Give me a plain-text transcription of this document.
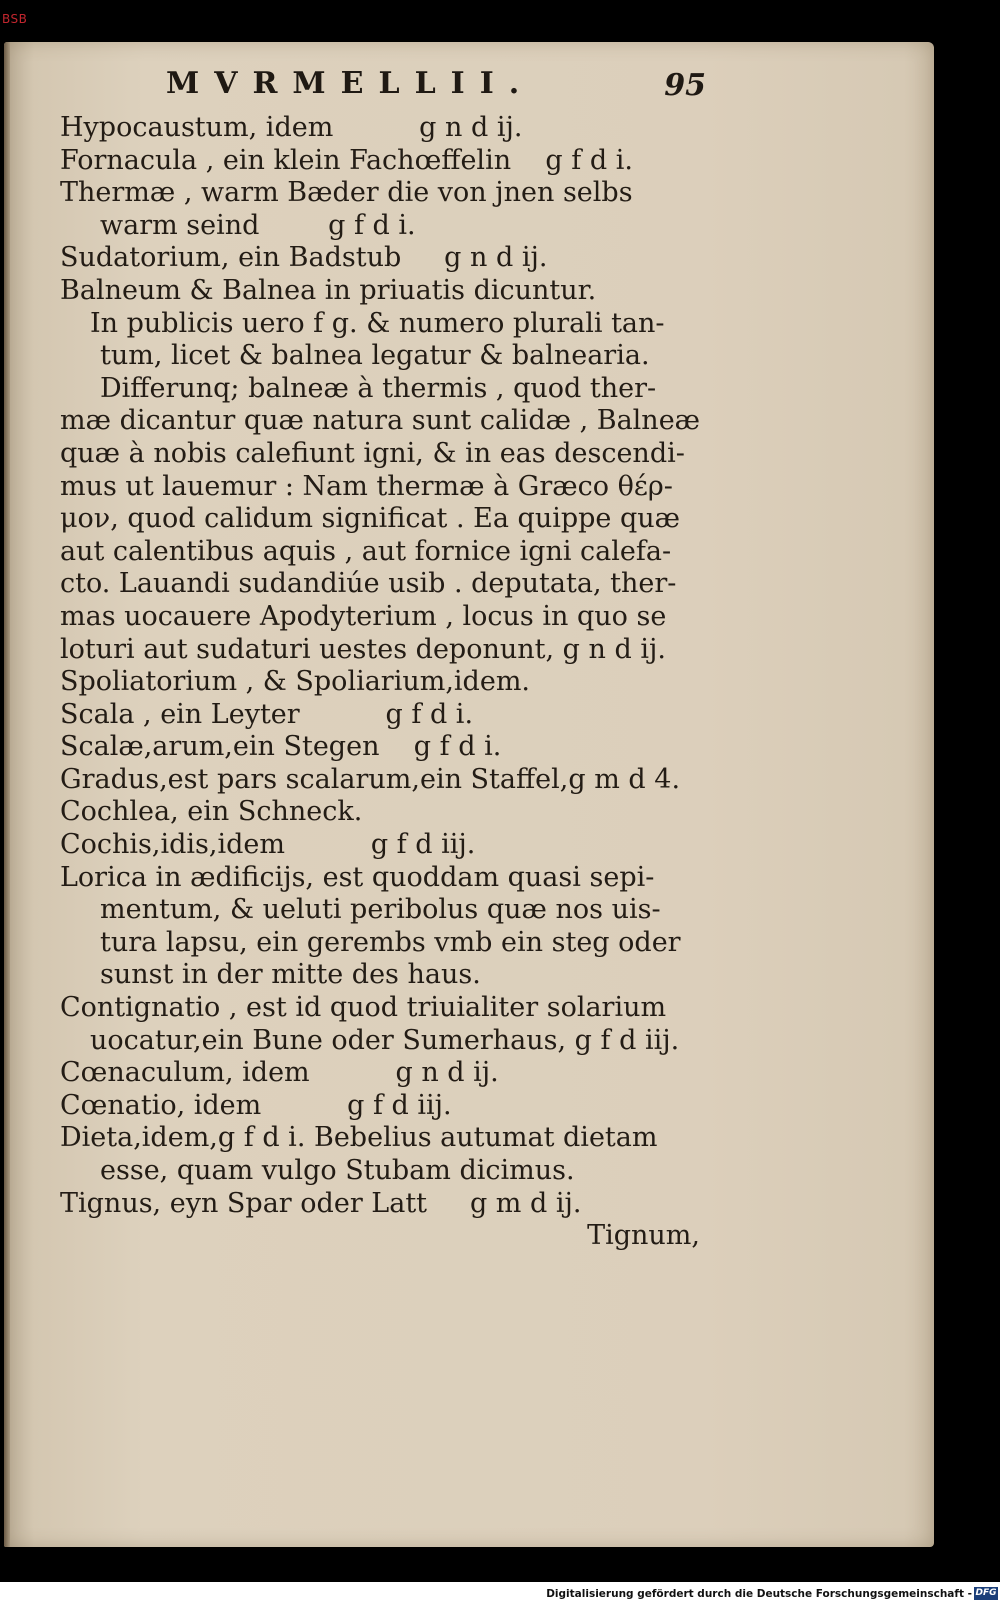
BSB
MVRMELLII.	95
Hypocaustum, idem          g n d ij.
Fornacula , ein klein Fachœffelin    g f d i.
Thermæ , warm Bæder die von jnen selbs
warm seind        g f d i.
Sudatorium, ein Badstub     g n d ij.
Balneum & Balnea in priuatis dicuntur.
In publicis uero f g. & numero plurali tan-
tum, licet & balnea legatur & balnearia.
Differunq; balneæ à thermis , quod ther-
mæ dicantur quæ natura sunt calidæ , Balneæ
quæ à nobis calefiunt igni, & in eas descendi-
mus ut lauemur : Nam thermæ à Græco θέρ-
μον, quod calidum significat . Ea quippe quæ
aut calentibus aquis , aut fornice igni calefa-
cto. Lauandi sudandiúe usib . deputata, ther-
mas uocauere Apodyterium , locus in quo se
loturi aut sudaturi uestes deponunt, g n d ij.
Spoliatorium , & Spoliarium,idem.
Scala , ein Leyter          g f d i.
Scalæ,arum,ein Stegen    g f d i.
Gradus,est pars scalarum,ein Staffel,g m d 4.
Cochlea, ein Schneck.
Cochis,idis,idem          g f d iij.
Lorica in ædificijs, est quoddam quasi sepi-
mentum, & ueluti peribolus quæ nos uis-
tura lapsu, ein gerembs vmb ein steg oder
sunst in der mitte des haus.
Contignatio , est id quod triuialiter solarium
uocatur,ein Bune oder Sumerhaus, g f d iij.
Cœnaculum, idem          g n d ij.
Cœnatio, idem          g f d iij.
Dieta,idem,g f d i. Bebelius autumat dietam
esse, quam vulgo Stubam dicimus.
Tignus, eyn Spar oder Latt     g m d ij.
Tignum,
Digitalisierung gefördert durch die Deutsche Forschungsgemeinschaft - DFG
